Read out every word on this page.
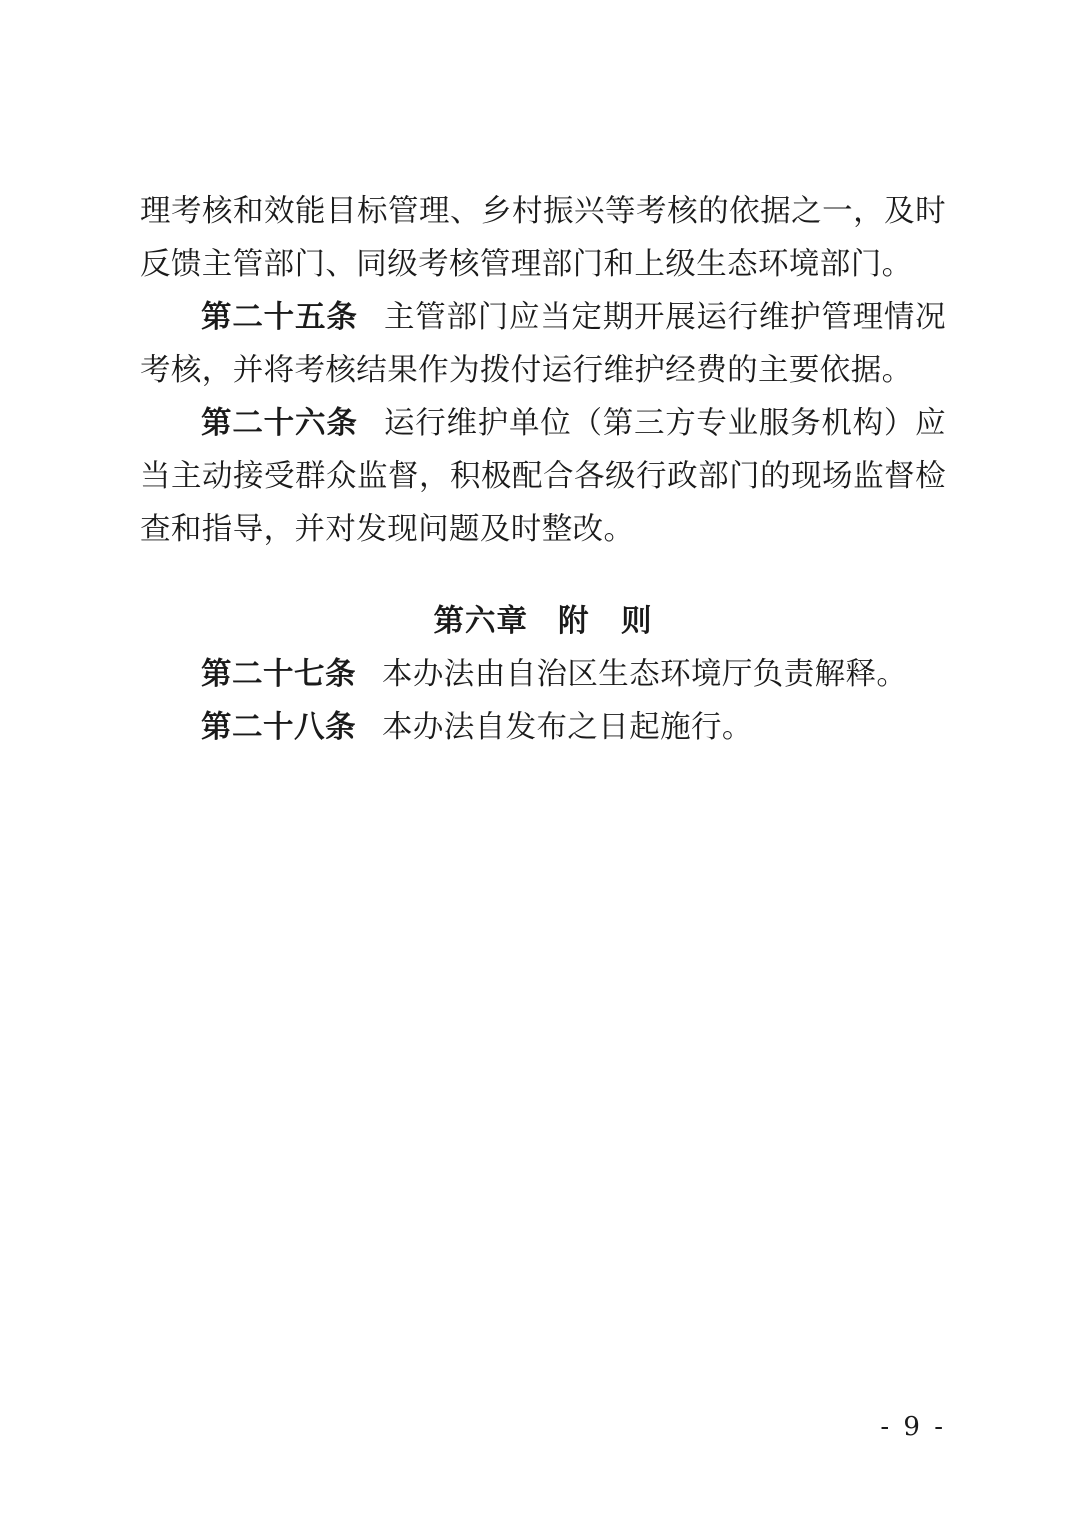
理考核和效能目标管理、乡村振兴等考核的依据之一，及时反馈主管部门、同级考核管理部门和上级生态环境部门。

第二十五条 主管部门应当定期开展运行维护管理情况考核，并将考核结果作为拨付运行维护经费的主要依据。

第二十六条 运行维护单位（第三方专业服务机构）应当主动接受群众监督，积极配合各级行政部门的现场监督检查和指导，并对发现问题及时整改。

第六章 附　则

第二十七条 本办法由自治区生态环境厅负责解释。

第二十八条 本办法自发布之日起施行。

- 9 -
